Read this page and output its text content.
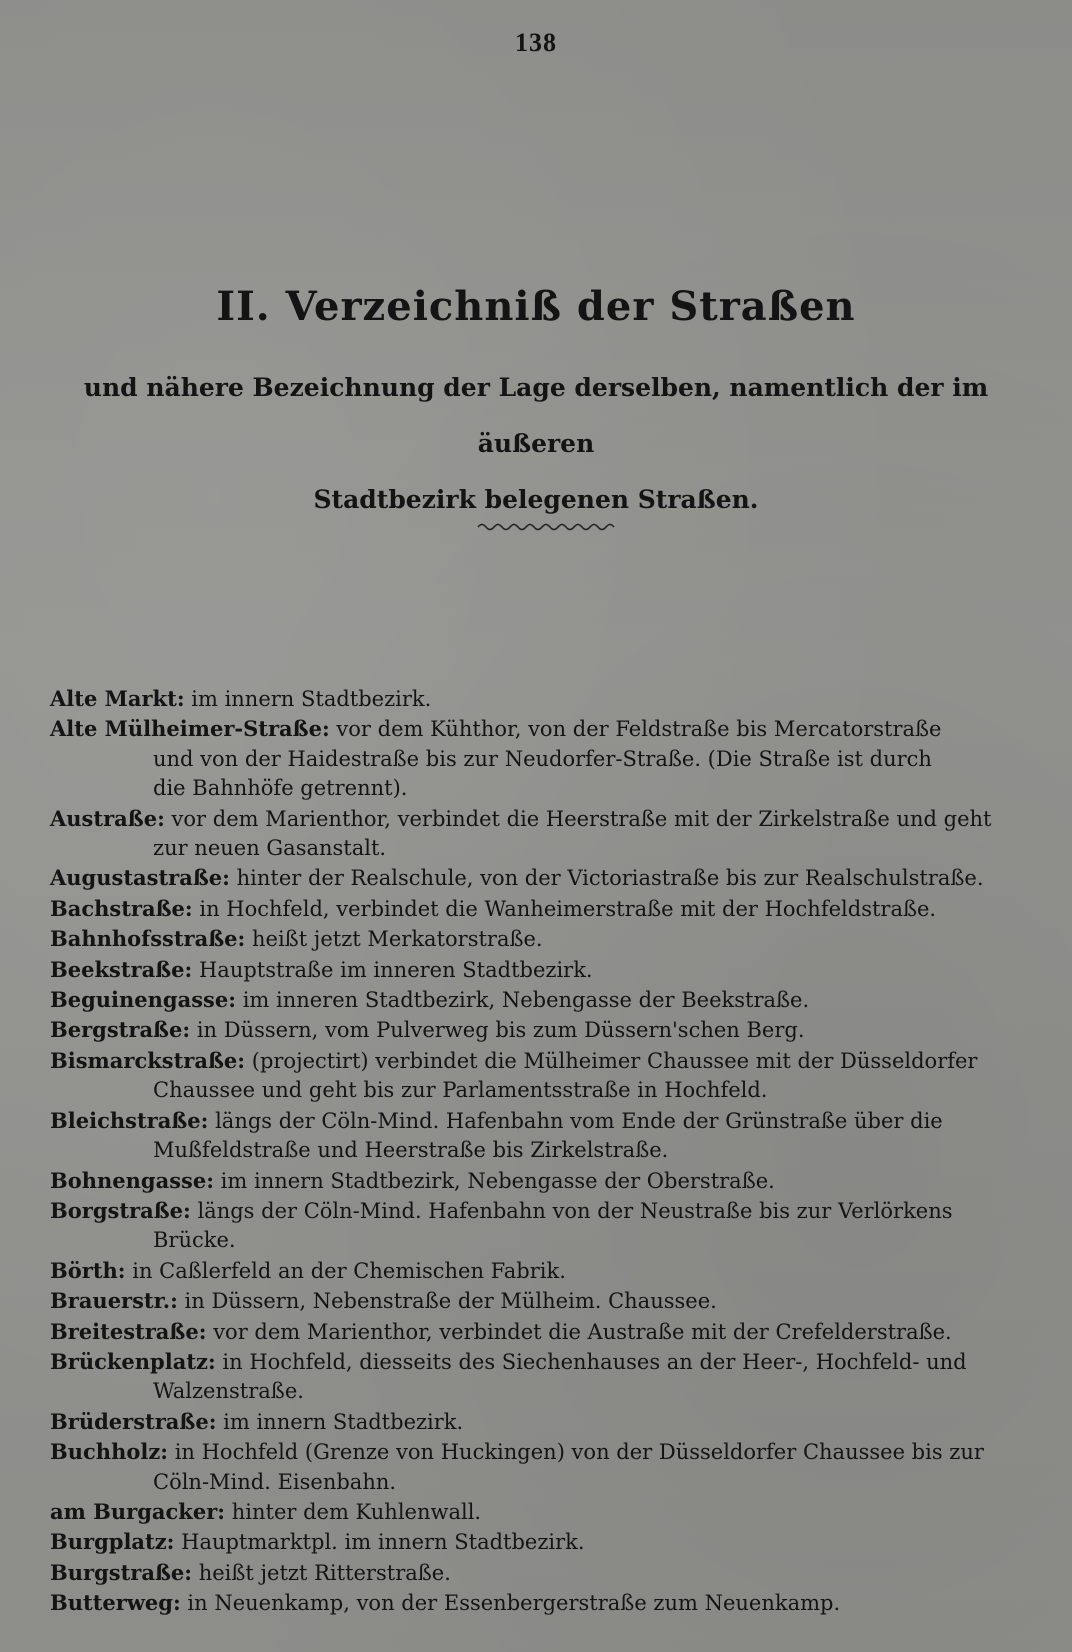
138
II. Verzeichniß der Straßen
und nähere Bezeichnung der Lage derselben, namentlich der im äußeren
Stadtbezirk belegenen Straßen.
Alte Markt: im innern Stadtbezirk.
Alte Mülheimer-Straße: vor dem Kühthor, von der Feldstraße bis Mercatorstraße
und von der Haidestraße bis zur Neudorfer-Straße. (Die Straße ist durch
die Bahnhöfe getrennt).
Austraße: vor dem Marienthor, verbindet die Heerstraße mit der Zirkelstraße und geht
zur neuen Gasanstalt.
Augustastraße: hinter der Realschule, von der Victoriastraße bis zur Realschulstraße.
Bachstraße: in Hochfeld, verbindet die Wanheimerstraße mit der Hochfeldstraße.
Bahnhofsstraße: heißt jetzt Merkatorstraße.
Beekstraße: Hauptstraße im inneren Stadtbezirk.
Beguinengasse: im inneren Stadtbezirk, Nebengasse der Beekstraße.
Bergstraße: in Düssern, vom Pulverweg bis zum Düssern'schen Berg.
Bismarckstraße: (projectirt) verbindet die Mülheimer Chaussee mit der Düsseldorfer
Chaussee und geht bis zur Parlamentsstraße in Hochfeld.
Bleichstraße: längs der Cöln-Mind. Hafenbahn vom Ende der Grünstraße über die
Mußfeldstraße und Heerstraße bis Zirkelstraße.
Bohnengasse: im innern Stadtbezirk, Nebengasse der Oberstraße.
Borgstraße: längs der Cöln-Mind. Hafenbahn von der Neustraße bis zur Verlörkens
Brücke.
Börth: in Caßlerfeld an der Chemischen Fabrik.
Brauerstr.: in Düssern, Nebenstraße der Mülheim. Chaussee.
Breitestraße: vor dem Marienthor, verbindet die Austraße mit der Crefelderstraße.
Brückenplatz: in Hochfeld, diesseits des Siechenhauses an der Heer-, Hochfeld- und
Walzenstraße.
Brüderstraße: im innern Stadtbezirk.
Buchholz: in Hochfeld (Grenze von Huckingen) von der Düsseldorfer Chaussee bis zur
Cöln-Mind. Eisenbahn.
am Burgacker: hinter dem Kuhlenwall.
Burgplatz: Hauptmarktpl. im innern Stadtbezirk.
Burgstraße: heißt jetzt Ritterstraße.
Butterweg: in Neuenkamp, von der Essenbergerstraße zum Neuenkamp.
